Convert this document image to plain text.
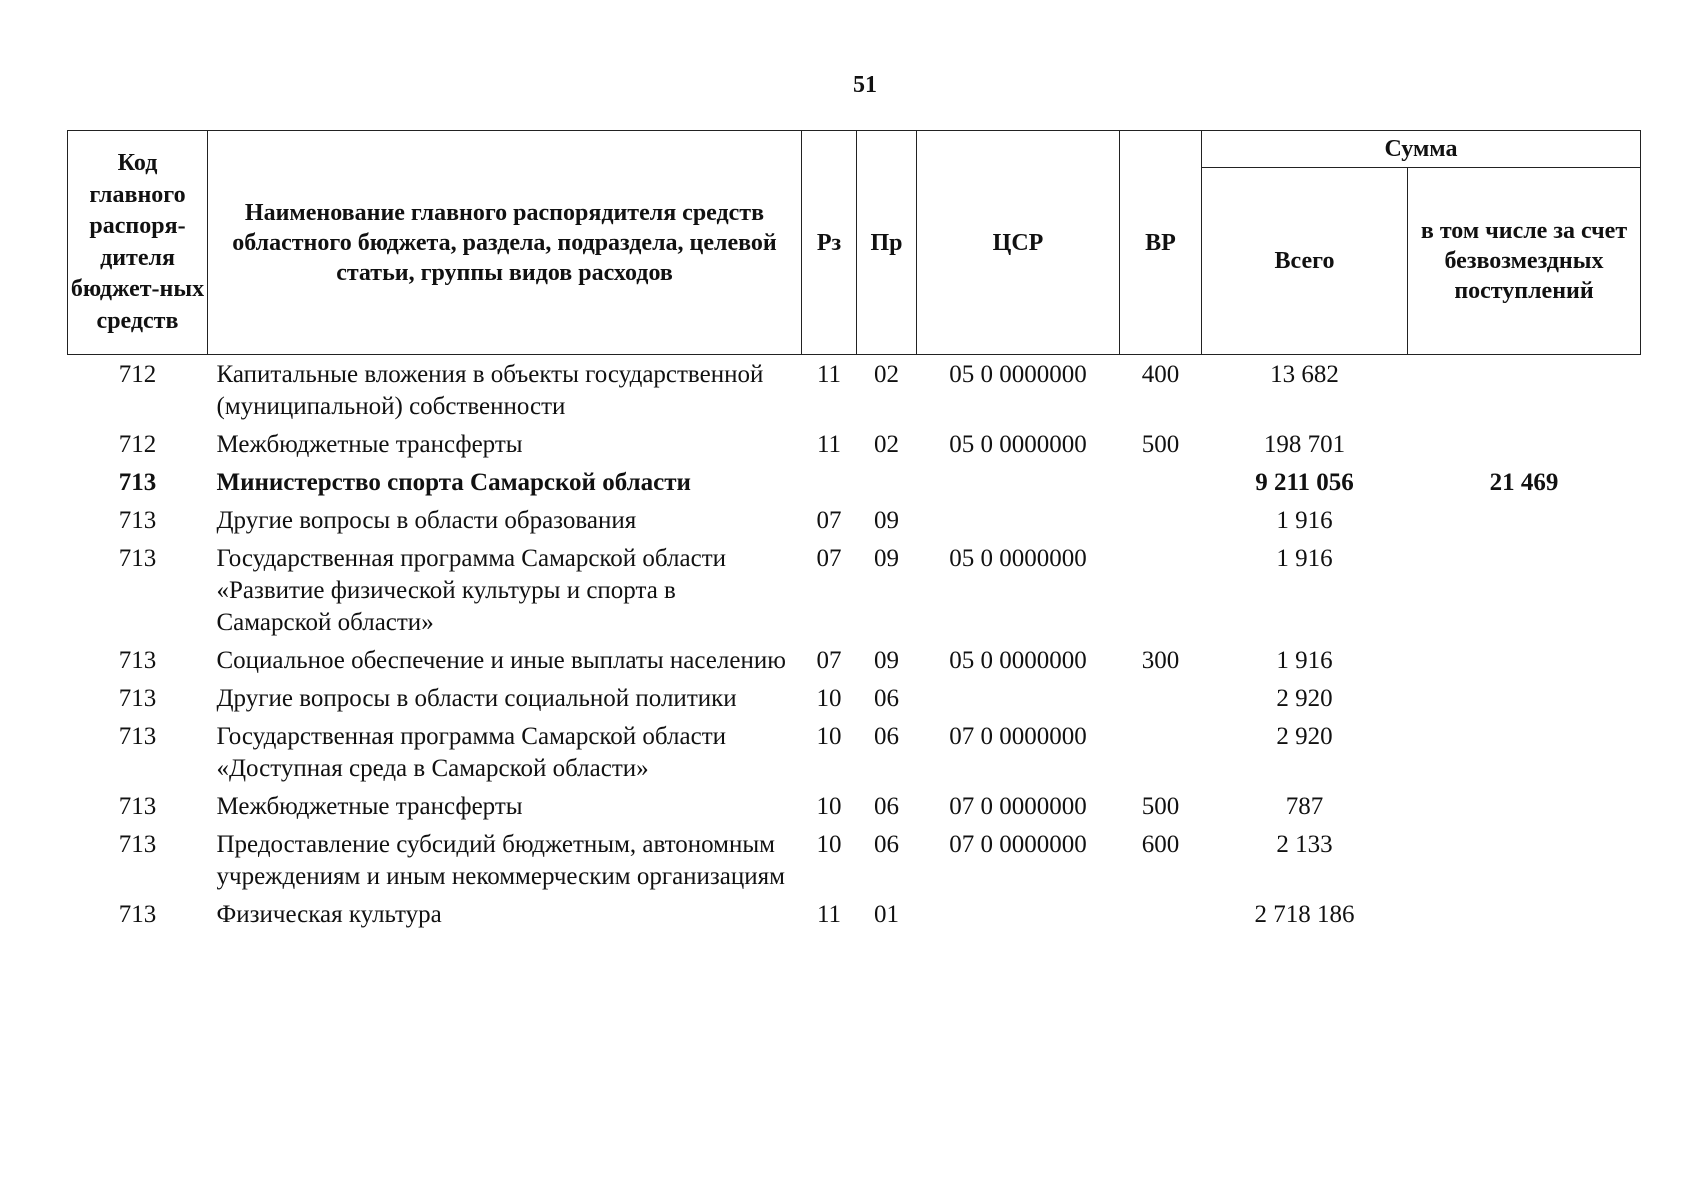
51
Код главного распоря-дителя бюджет-ных средств	Наименование главного распорядителя средств областного бюджета, раздела, подраздела, целевой статьи, группы видов расходов	Рз	Пр	ЦСР	ВР	Сумма	
						Всего	в том числе за счет безвозмездных поступлений
712	Капитальные вложения в объекты государственной (муниципальной) собственности	11	02	05 0 0000000	400	13 682	
712	Межбюджетные трансферты	11	02	05 0 0000000	500	198 701	
713	Министерство спорта Самарской области					9 211 056	21 469
713	Другие вопросы в области образования	07	09			1 916	
713	Государственная программа Самарской области «Развитие физической культуры и спорта в Самарской области»	07	09	05 0 0000000		1 916	
713	Социальное обеспечение и иные выплаты населению	07	09	05 0 0000000	300	1 916	
713	Другие вопросы в области социальной политики	10	06			2 920	
713	Государственная программа Самарской области «Доступная среда в Самарской области»	10	06	07 0 0000000		2 920	
713	Межбюджетные трансферты	10	06	07 0 0000000	500	787	
713	Предоставление субсидий бюджетным, автономным учреждениям и иным некоммерческим организациям	10	06	07 0 0000000	600	2 133	
713	Физическая культура	11	01			2 718 186	
